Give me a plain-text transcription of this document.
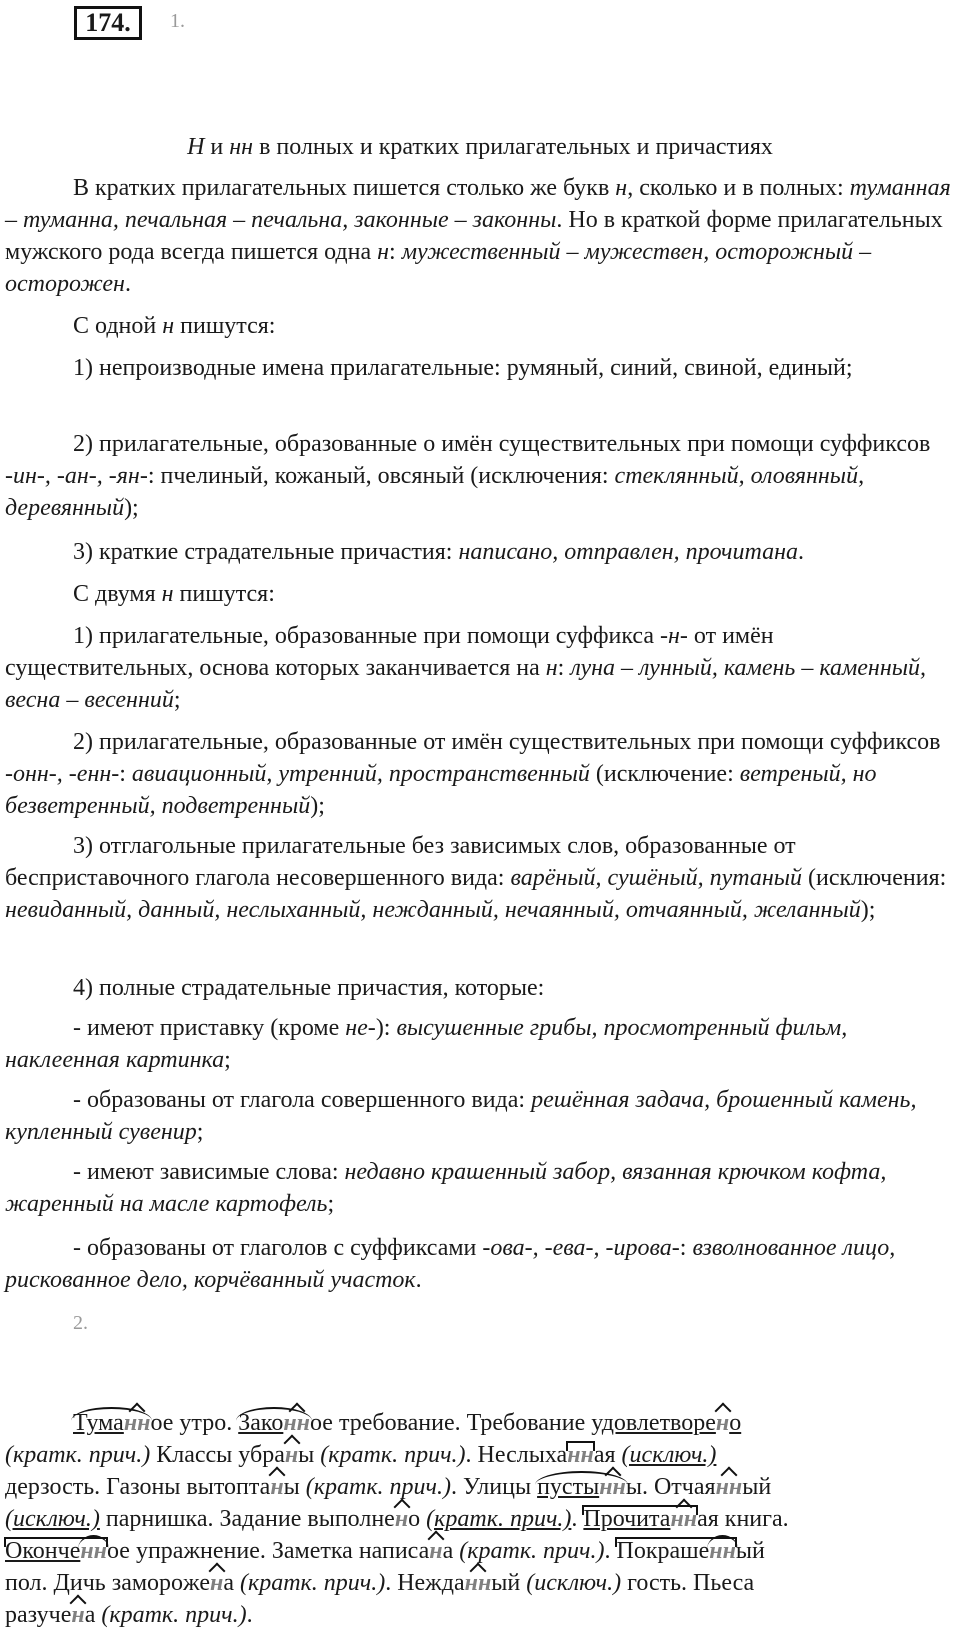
174.	1.
Н и нн в полных и кратких прилагательных и причастиях
В кратких прилагательных пишется столько же букв н, сколько и в полных: туманная – туманна, печальная – печальна, законные – законны. Но в краткой форме прилагательных мужского рода всегда пишется одна н: мужественный – мужествен, осторожный – осторожен.
С одной н пишутся:
1) непроизводные имена прилагательные: румяный, синий, свиной, единый;
2) прилагательные, образованные о имён существительных при помощи суффиксов -ин-, -ан-, -ян-: пчелиный, кожаный, овсяный (исключения: стеклянный, оловянный, деревянный);
3) краткие страдательные причастия: написано, отправлен, прочитана.
С двумя н пишутся:
1) прилагательные, образованные при помощи суффикса -н- от имён существительных, основа которых заканчивается на н: луна – лунный, камень – каменный, весна – весенний;
2) прилагательные, образованные от имён существительных при помощи суффиксов -онн-, -енн-: авиационный, утренний, пространственный (исключение: ветреный, но безветренный, подветренный);
3) отглагольные прилагательные без зависимых слов, образованные от бесприставочного глагола несовершенного вида: варёный, сушёный, путаный (исключения: невиданный, данный, неслыханный, нежданный, нечаянный, отчаянный, желанный);
4) полные страдательные причастия, которые:
- имеют приставку (кроме не-): высушенные грибы, просмотренный фильм, наклеенная картинка;
- образованы от глагола совершенного вида: решённая задача, брошенный камень, купленный сувенир;
- имеют зависимые слова: недавно крашенный забор, вязанная крючком кофта, жаренный на масле картофель;
- образованы от глаголов с суффиксами -ова-, -ева-, -ирова-: взволнованное лицо, рискованное дело, корчёванный участок.
2.
Туманное утро. Законное требование. Требование удовлетворено
(кратк. прич.) Классы убраны (кратк. прич.). Неслыханная (исключ.)
дерзость. Газоны вытоптаны (кратк. прич.). Улицы пустынны. Отчаянный
(исключ.) парнишка. Задание выполнено (кратк. прич.). Прочитанная книга.
Оконченное упражнение. Заметка написана (кратк. прич.). Покрашенный
пол. Дичь заморoжена (кратк. прич.). Нежданный (исключ.) гость. Пьеса
разучена (кратк. прич.).
